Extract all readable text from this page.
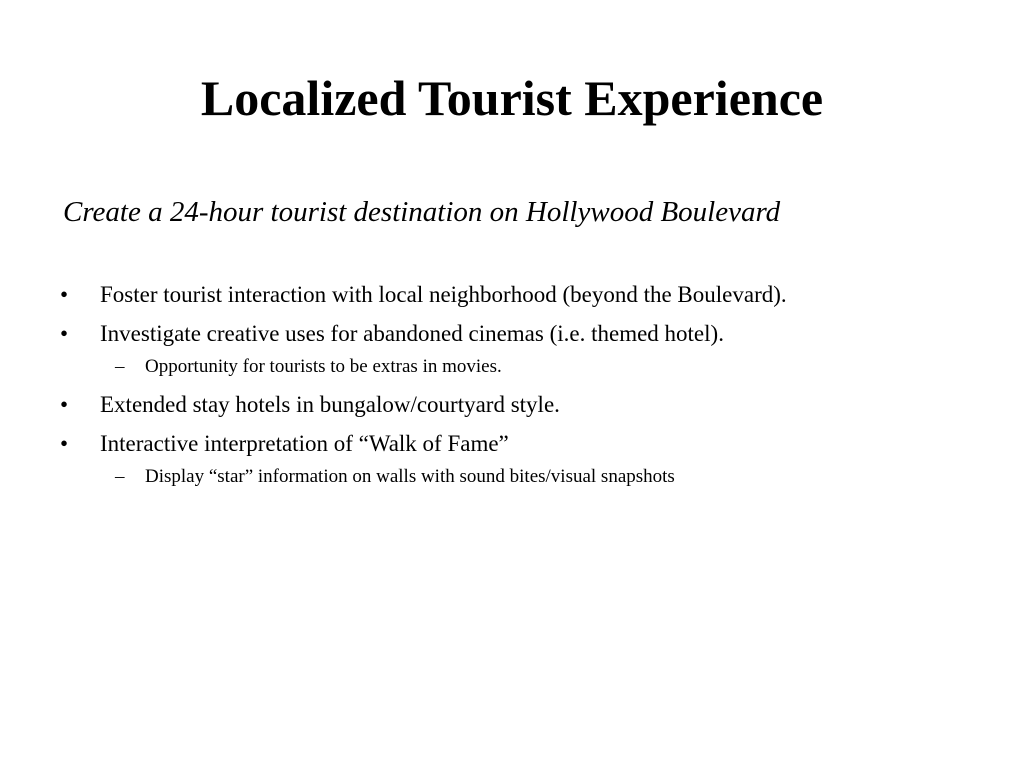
Localized Tourist Experience

Create a 24-hour tourist destination on Hollywood Boulevard

• Foster tourist interaction with local neighborhood (beyond the Boulevard).
• Investigate creative uses for abandoned cinemas (i.e. themed hotel).
– Opportunity for tourists to be extras in movies.
• Extended stay hotels in bungalow/courtyard style.
• Interactive interpretation of “Walk of Fame”
– Display “star” information on walls with sound bites/visual snapshots
